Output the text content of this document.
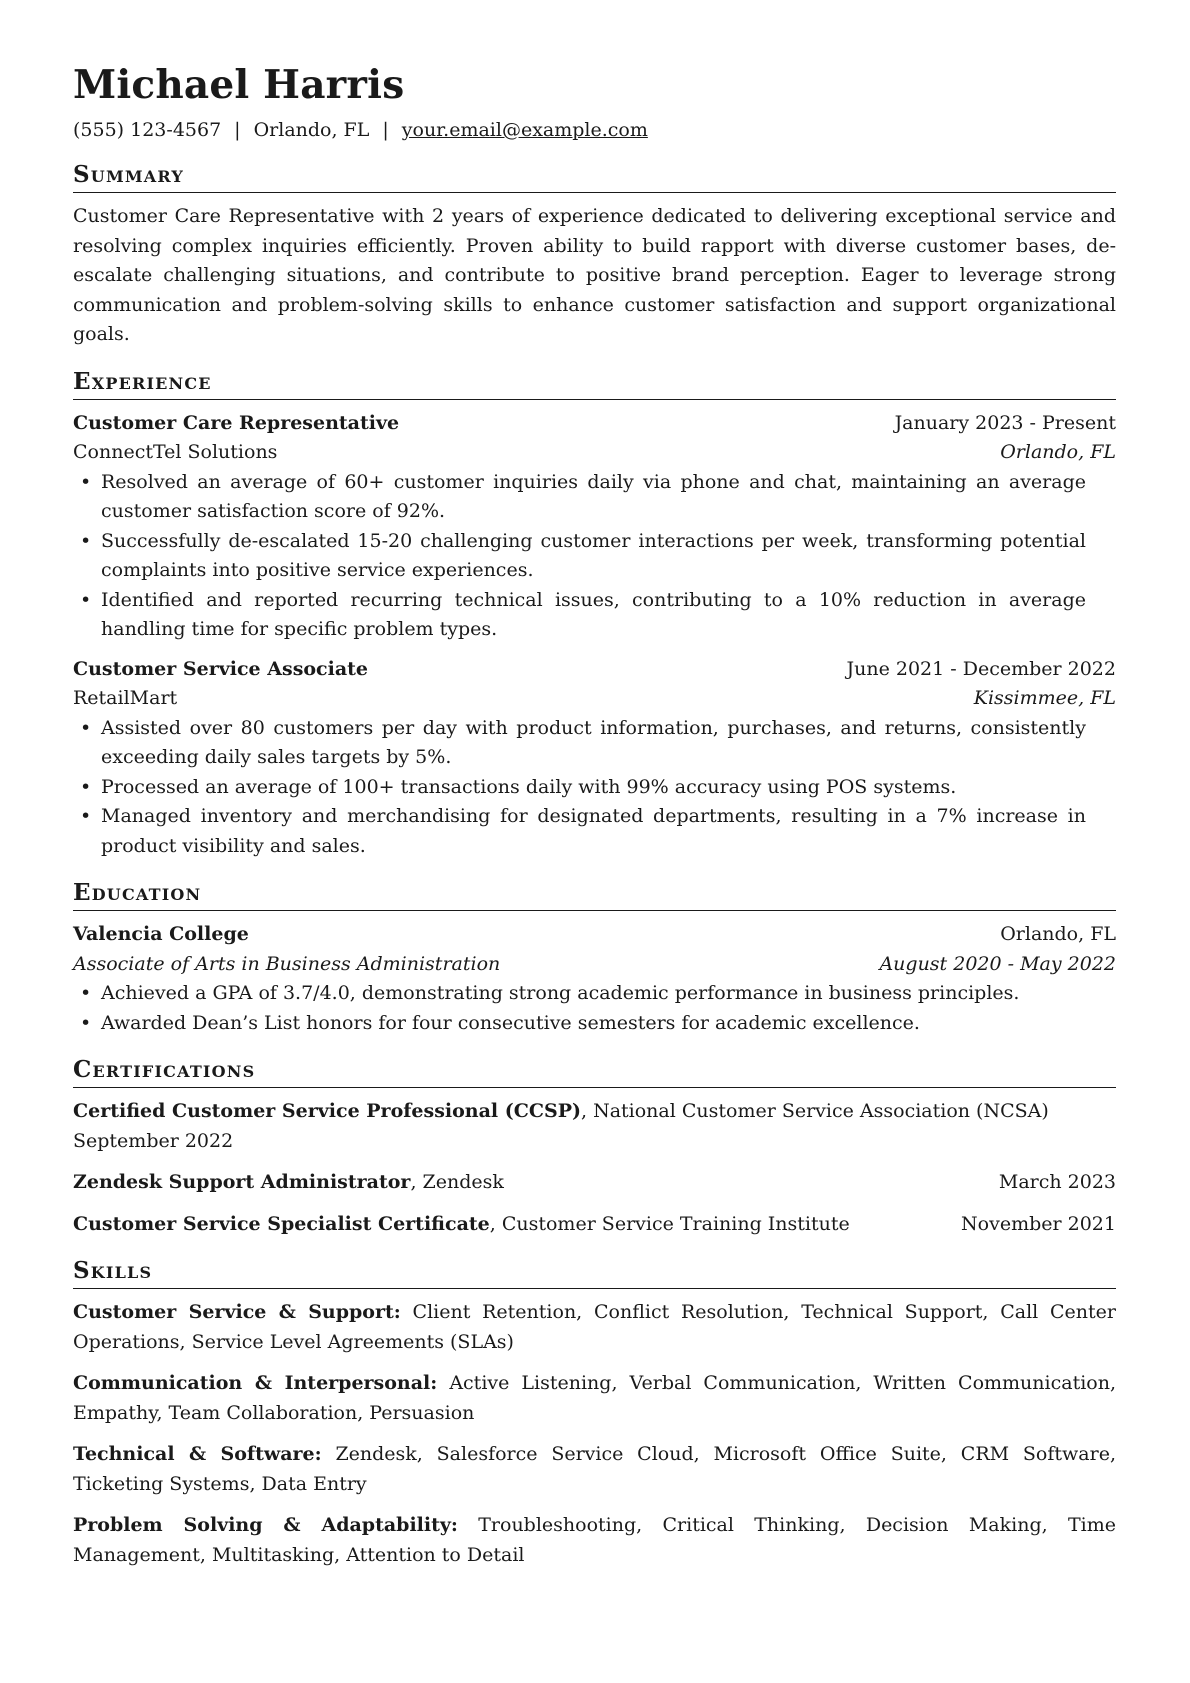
Michael Harris
(555) 123-4567 | Orlando, FL | your.email@example.com
Summary

Customer Care Representative with 2 years of experience dedicated to delivering exceptional service and resolving complex inquiries efficiently. Proven ability to build rapport with diverse customer bases, de-escalate challenging situations, and contribute to positive brand perception. Eager to leverage strong communication and problem-solving skills to enhance customer satisfaction and support organizational goals.

Experience
Customer Care Representative	January 2023 - Present
ConnectTel Solutions	Orlando, FL
• Resolved an average of 60+ customer inquiries daily via phone and chat, maintaining an average customer satisfaction score of 92%.
• Successfully de-escalated 15-20 challenging customer interactions per week, transforming potential complaints into positive service experiences.
• Identified and reported recurring technical issues, contributing to a 10% reduction in average handling time for specific problem types.
Customer Service Associate	June 2021 - December 2022
RetailMart	Kissimmee, FL
• Assisted over 80 customers per day with product information, purchases, and returns, consistently exceeding daily sales targets by 5%.
• Processed an average of 100+ transactions daily with 99% accuracy using POS systems.
• Managed inventory and merchandising for designated departments, resulting in a 7% increase in product visibility and sales.
Education
Valencia College	Orlando, FL
Associate of Arts in Business Administration	August 2020 - May 2022
• Achieved a GPA of 3.7/4.0, demonstrating strong academic performance in business principles.
• Awarded Dean’s List honors for four consecutive semesters for academic excellence.
Certifications
Certified Customer Service Professional (CCSP), National Customer Service Association (NCSA)
September 2022
Zendesk Support Administrator, Zendesk	March 2023
Customer Service Specialist Certificate, Customer Service Training Institute	November 2021
Skills
Customer Service & Support: Client Retention, Conflict Resolution, Technical Support, Call Center Operations, Service Level Agreements (SLAs)
Communication & Interpersonal: Active Listening, Verbal Communication, Written Communication, Empathy, Team Collaboration, Persuasion
Technical & Software: Zendesk, Salesforce Service Cloud, Microsoft Office Suite, CRM Software, Ticketing Systems, Data Entry
Problem Solving & Adaptability: Troubleshooting, Critical Thinking, Decision Making, Time Management, Multitasking, Attention to Detail
